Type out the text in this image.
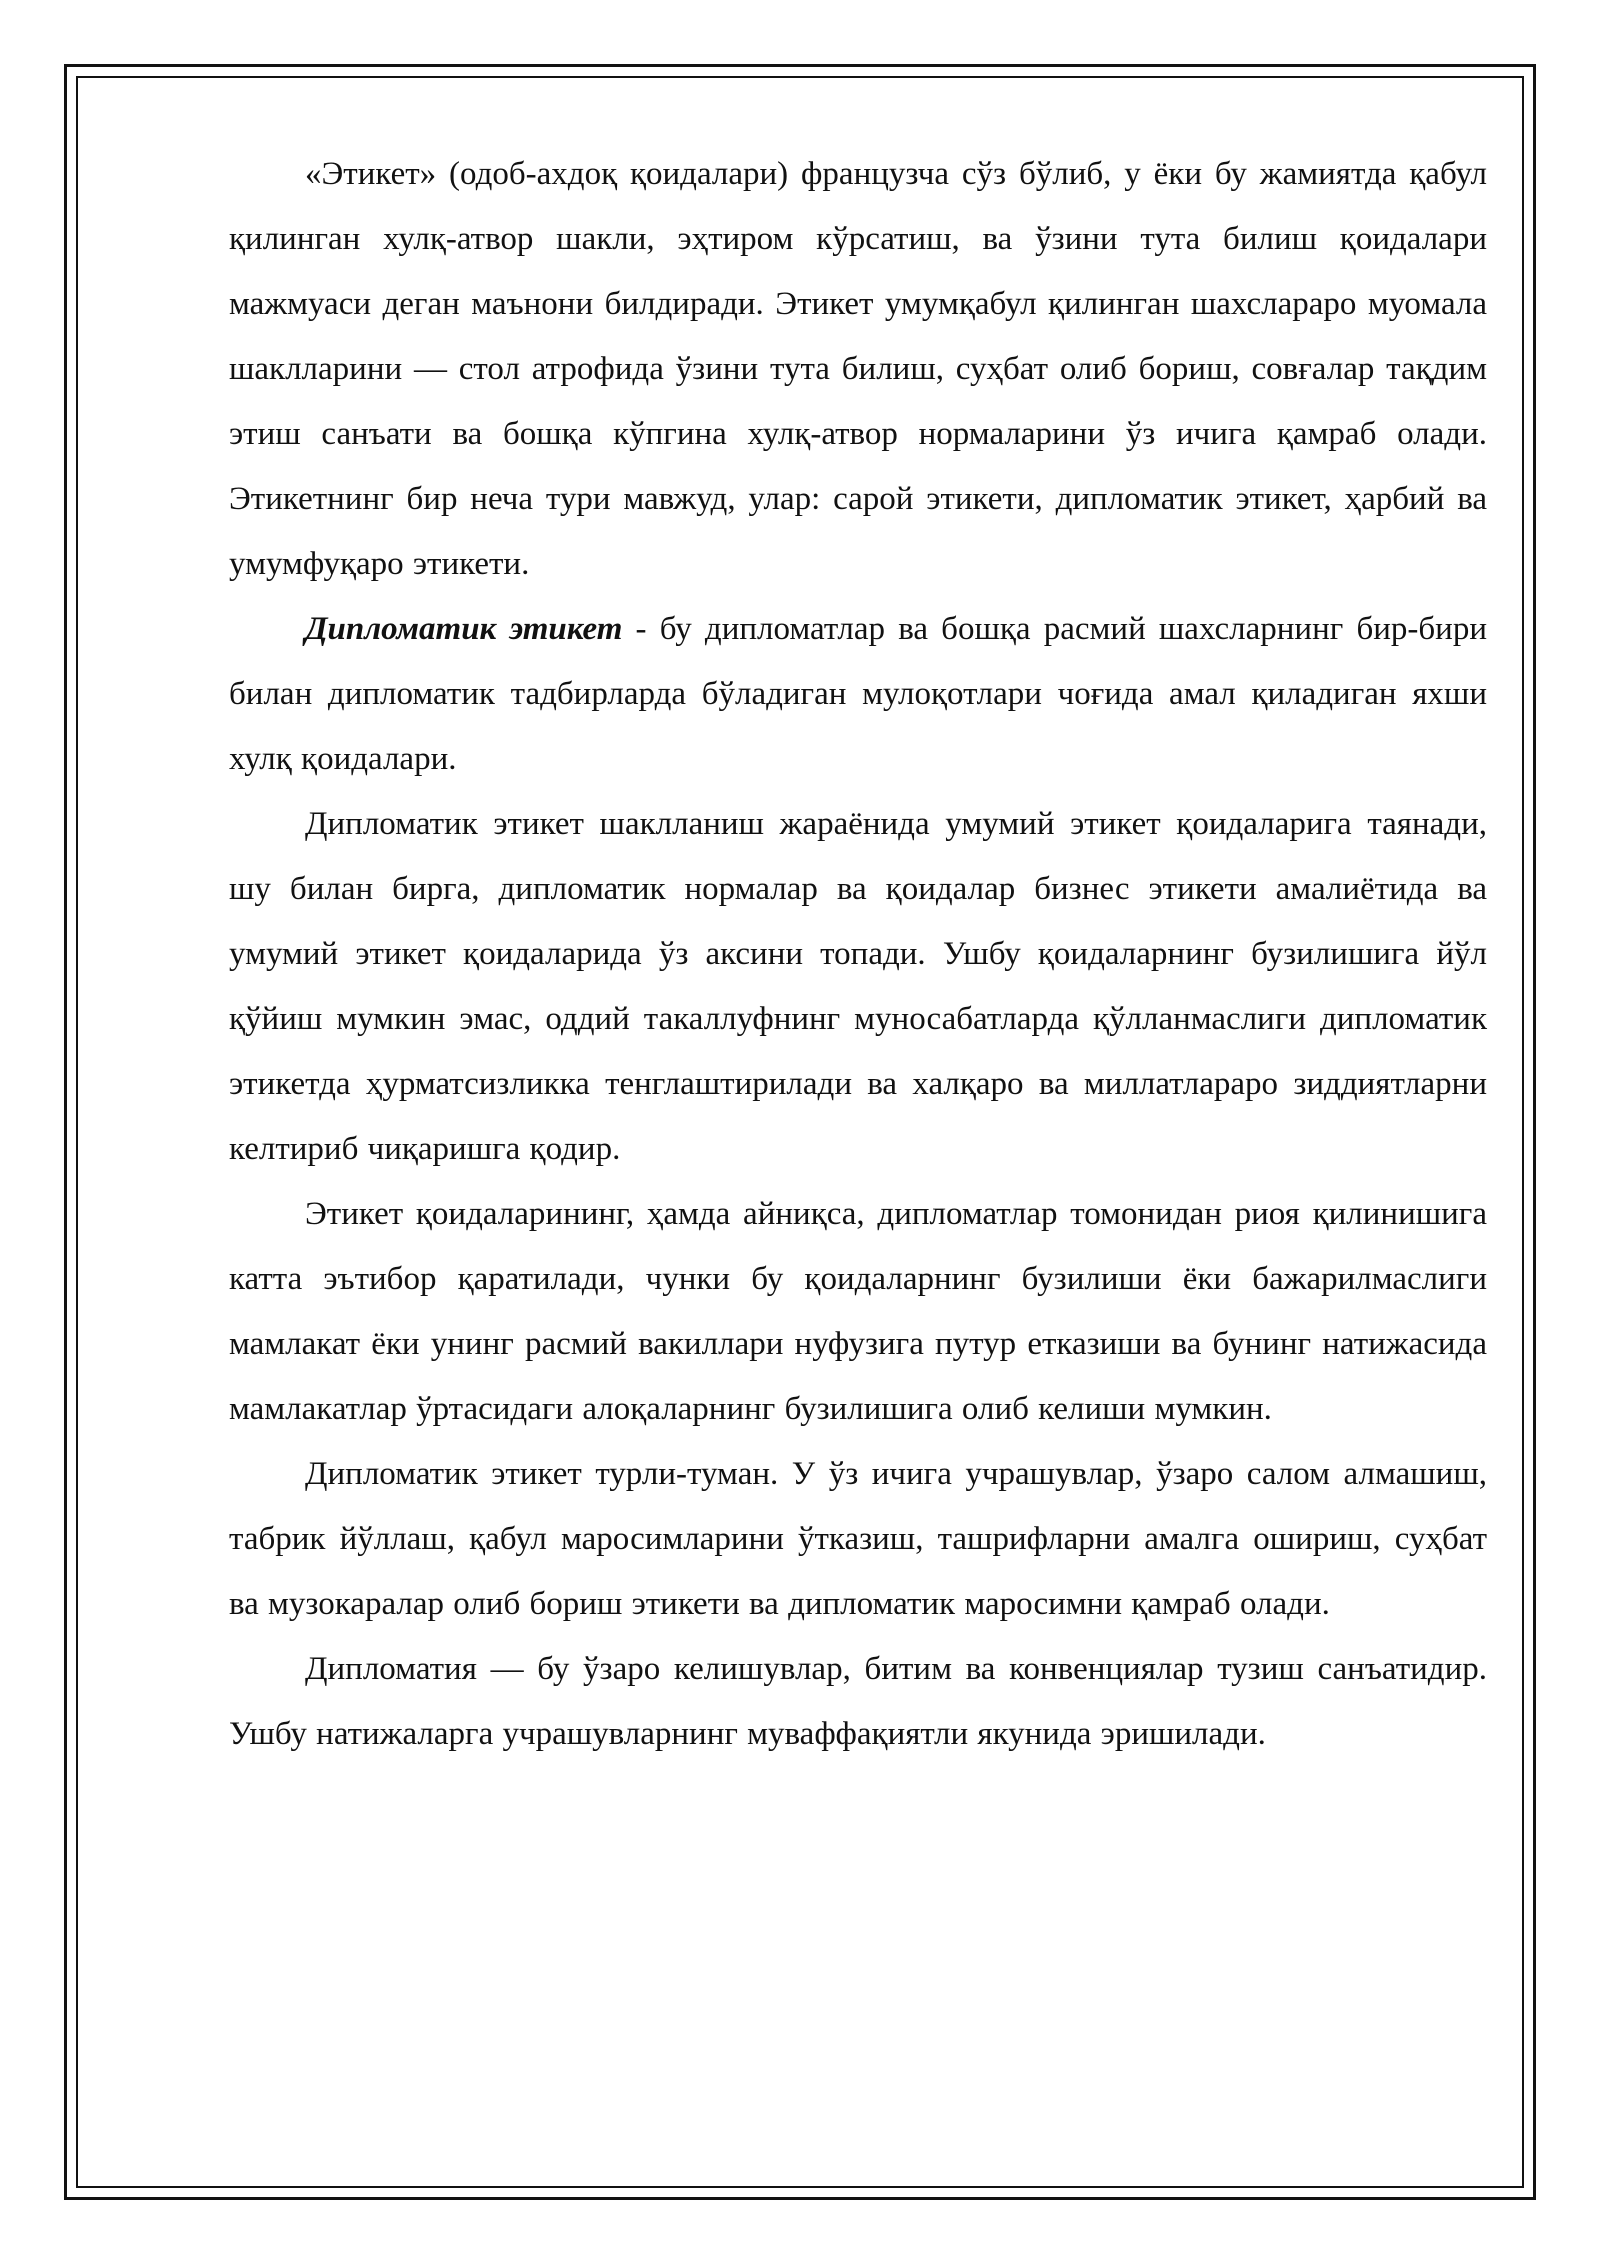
«Этикет» (одоб-ахдоқ қоидалари) французча сўз бўлиб, у ёки бу жамиятда қабул қилинган хулқ-атвор шакли, эҳтиром кўрсатиш, ва ўзини тута билиш қоидалари мажмуаси деган маънони билдиради. Этикет умумқабул қилинган шахслараро муомала шаклларини — стол атрофида ўзини тута билиш, суҳбат олиб бориш, совғалар тақдим этиш санъати ва бошқа кўпгина хулқ-атвор нормаларини ўз ичига қамраб олади. Этикетнинг бир неча тури мавжуд, улар: сарой этикети, дипломатик этикет, ҳарбий ва умумфуқаро этикети.

Дипломатик этикет - бу дипломатлар ва бошқа расмий шахсларнинг бир-бири билан дипломатик тадбирларда бўладиган мулоқотлари чоғида амал қиладиган яхши хулқ қоидалари.

Дипломатик этикет шаклланиш жараёнида умумий этикет қоидаларига таянади, шу билан бирга, дипломатик нормалар ва қоидалар бизнес этикети амалиётида ва умумий этикет қоидаларида ўз аксини топади. Ушбу қоидаларнинг бузилишига йўл қўйиш мумкин эмас, оддий такаллуфнинг муносабатларда қўлланмаслиги дипломатик этикетда ҳурматсизликка тенглаштирилади ва халқаро ва миллатлараро зиддиятларни келтириб чиқаришга қодир.

Этикет қоидаларининг, ҳамда айниқса, дипломатлар томонидан риоя қилинишига катта эътибор қаратилади, чунки бу қоидаларнинг бузилиши ёки бажарилмаслиги мамлакат ёки унинг расмий вакиллари нуфузига путур етказиши ва бунинг натижасида мамлакатлар ўртасидаги алоқаларнинг бузилишига олиб келиши мумкин.

Дипломатик этикет турли-туман. У ўз ичига учрашувлар, ўзаро салом алмашиш, табрик йўллаш, қабул маросимларини ўтказиш, ташрифларни амалга ошириш, суҳбат ва музокаралар олиб бориш этикети ва дипломатик маросимни қамраб олади.

Дипломатия — бу ўзаро келишувлар, битим ва конвенциялар тузиш санъатидир. Ушбу натижаларга учрашувларнинг муваффақиятли якунида эришилади.
